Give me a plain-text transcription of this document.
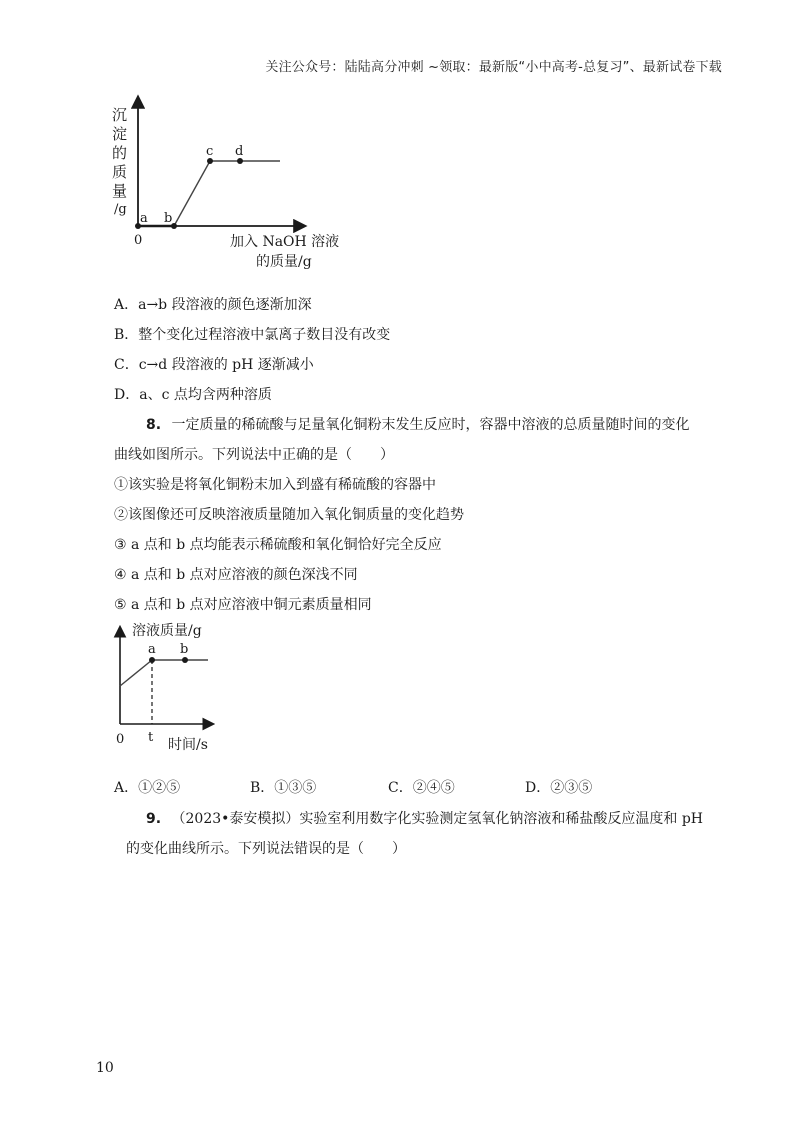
关注公众号：陆陆高分冲刺 ~领取：最新版“小中高考-总复习”、最新试卷下载
a b
c d
0
沉
淀
的
质
量
/g
加入 NaOH 溶液
的质量/g
A．a→b 段溶液的颜色逐渐加深
B．整个变化过程溶液中氯离子数目没有改变
C．c→d 段溶液的 pH 逐渐减小
D．a、c 点均含两种溶质
8. 一定质量的稀硫酸与足量氧化铜粉末发生反应时，容器中溶液的总质量随时间的变化
曲线如图所示。下列说法中正确的是（　　）
①该实验是将氧化铜粉末加入到盛有稀硫酸的容器中
②该图像还可反映溶液质量随加入氧化铜质量的变化趋势
③ a 点和 b 点均能表示稀硫酸和氧化铜恰好完全反应
④ a 点和 b 点对应溶液的颜色深浅不同
⑤ a 点和 b 点对应溶液中铜元素质量相同
a b
溶液质量/g
0 t 时间/s
A．①②⑤	B．①③⑤	C．②④⑤	D．②③⑤
9. （2023•泰安模拟）实验室利用数字化实验测定氢氧化钠溶液和稀盐酸反应温度和 pH
的变化曲线所示。下列说法错误的是（　　）
10
